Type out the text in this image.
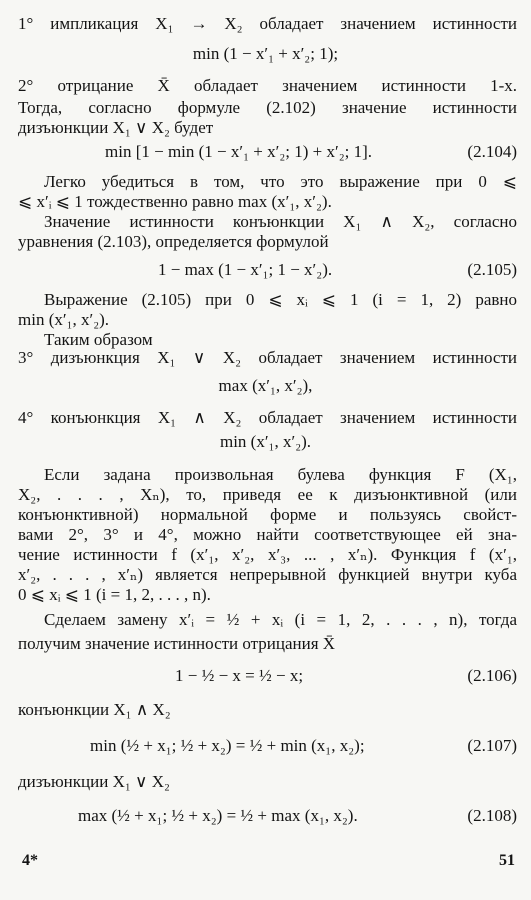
1° импликация X₁ → X₂ обладает значением истинности
min (1 − x′₁ + x′₂; 1);
2° отрицание X̄ обладает значением истинности 1-x.
Тогда, согласно формуле (2.102) значение истинности
дизъюнкции X₁ ∨ X₂ будет
min [1 − min (1 − x′₁ + x′₂; 1) + x′₂; 1].
Легко убедиться в том, что это выражение при 0 ⩽
⩽ x′ᵢ ⩽ 1 тождественно равно max (x′₁, x′₂).
Значение истинности конъюнкции X₁ ∧ X₂, согласно
уравнения (2.103), определяется формулой
1 − max (1 − x′₁; 1 − x′₂).
Выражение (2.105) при 0 ⩽ xᵢ ⩽ 1 (i = 1, 2) равно
min (x′₁, x′₂).
Таким образом
3° дизъюнкция X₁ ∨ X₂ обладает значением истинности
max (x′₁, x′₂),
4° конъюнкция X₁ ∧ X₂ обладает значением истинности
min (x′₁, x′₂).
Если задана произвольная булева функция F (X₁,
X₂, . . . , Xₙ), то, приведя ее к дизъюнктивной (или
конъюнктивной) нормальной форме и пользуясь свойст-
вами 2°, 3° и 4°, можно найти соответствующее ей зна-
чение истинности f (x′₁, x′₂, x′₃, ... , x′ₙ). Функция f (x′₁,
x′₂, . . . , x′ₙ) является непрерывной функцией внутри куба
0 ⩽ xᵢ ⩽ 1 (i = 1, 2, . . . , n).
Сделаем замену x′ᵢ = ½ + xᵢ (i = 1, 2, . . . , n), тогда
получим значение истинности отрицания X̄
1 − ½ − x = ½ − x;
конъюнкции X₁ ∧ X₂
min (½ + x₁; ½ + x₂) = ½ + min (x₁, x₂);
дизъюнкции X₁ ∨ X₂
max (½ + x₁; ½ + x₂) = ½ + max (x₁, x₂).
(2.104)
(2.105)
(2.106)
(2.107)
(2.108)
4*	51
